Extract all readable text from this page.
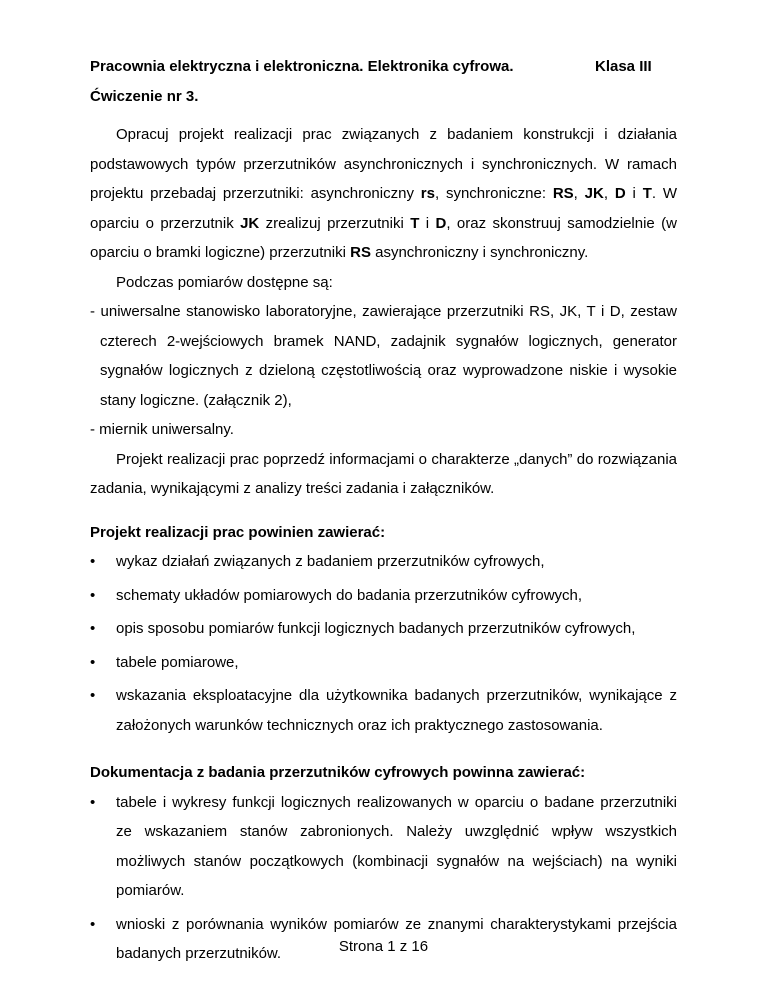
Pracownia elektryczna i elektroniczna. Elektronika cyfrowa.	Klasa III
Ćwiczenie nr 3.

Opracuj projekt realizacji prac związanych z badaniem konstrukcji i działania podstawowych typów przerzutników asynchronicznych i synchronicznych. W ramach projektu przebadaj przerzutniki: asynchroniczny rs, synchroniczne: RS, JK, D i T. W oparciu o przerzutnik JK zrealizuj przerzutniki T i D, oraz skonstruuj samodzielnie (w oparciu o bramki logiczne) przerzutniki RS asynchroniczny i synchroniczny.

Podczas pomiarów dostępne są:

- uniwersalne stanowisko laboratoryjne, zawierające przerzutniki RS, JK, T i D, zestaw czterech 2-wejściowych bramek NAND, zadajnik sygnałów logicznych, generator sygnałów logicznych z dzieloną częstotliwością oraz wyprowadzone niskie i wysokie stany logiczne. (załącznik 2),

- miernik uniwersalny.

Projekt realizacji prac poprzedź informacjami o charakterze „danych” do rozwiązania zadania, wynikającymi z analizy treści zadania i załączników.

Projekt realizacji prac powinien zawierać:

• wykaz działań związanych z badaniem przerzutników cyfrowych,
• schematy układów pomiarowych do badania przerzutników cyfrowych,
• opis sposobu pomiarów funkcji logicznych badanych przerzutników cyfrowych,
• tabele pomiarowe,
• wskazania eksploatacyjne dla użytkownika badanych przerzutników, wynikające z założonych warunków technicznych oraz ich praktycznego zastosowania.

Dokumentacja z badania przerzutników cyfrowych powinna zawierać:

• tabele i wykresy funkcji logicznych realizowanych w oparciu o badane przerzutniki ze wskazaniem stanów zabronionych. Należy uwzględnić wpływ wszystkich możliwych stanów początkowych (kombinacji sygnałów na wejściach) na wyniki pomiarów.
• wnioski z porównania wyników pomiarów ze znanymi charakterystykami przejścia badanych przerzutników.	Strona 1 z 16
